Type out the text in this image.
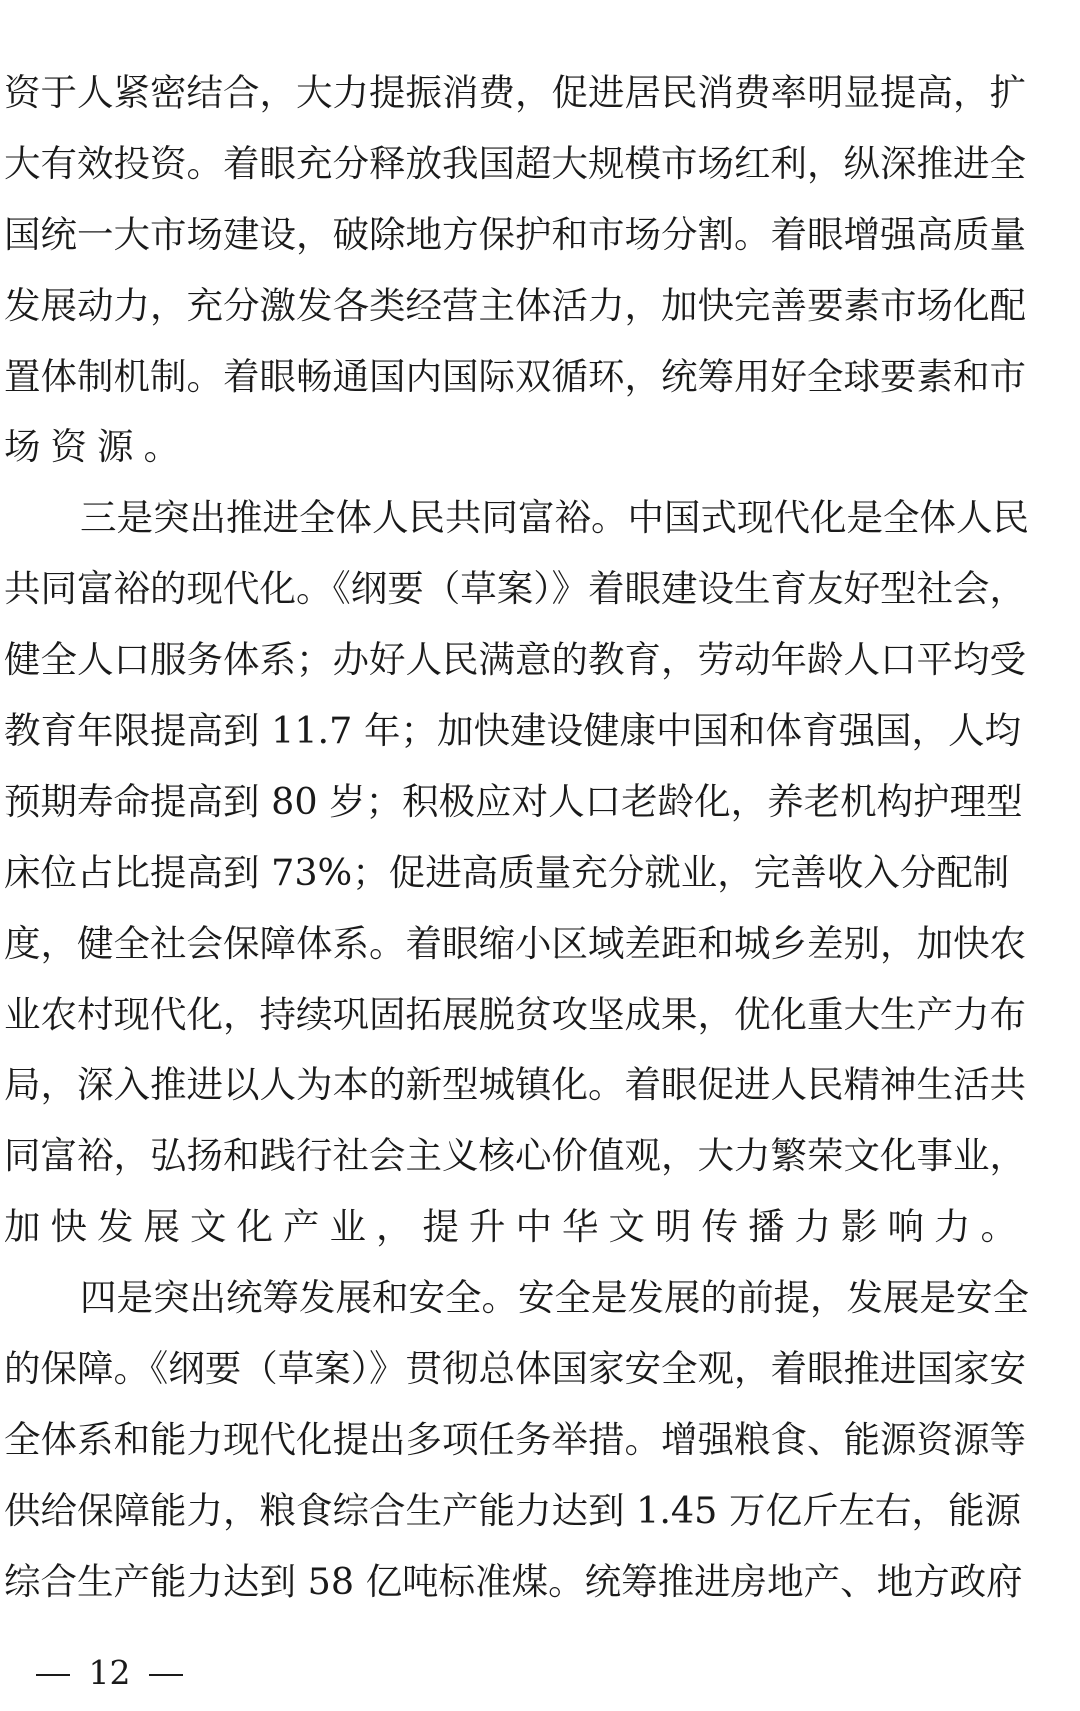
资于人紧密结合，大力提振消费，促进居民消费率明显提高，扩
大有效投资。着眼充分释放我国超大规模市场红利，纵深推进全
国统一大市场建设，破除地方保护和市场分割。着眼增强高质量
发展动力，充分激发各类经营主体活力，加快完善要素市场化配
置体制机制。着眼畅通国内国际双循环，统筹用好全球要素和市
场资源。
三是突出推进全体人民共同富裕。中国式现代化是全体人民
共同富裕的现代化。《纲要（草案）》着眼建设生育友好型社会，
健全人口服务体系；办好人民满意的教育，劳动年龄人口平均受
教育年限提高到 11.7 年；加快建设健康中国和体育强国，人均
预期寿命提高到 80 岁；积极应对人口老龄化，养老机构护理型
床位占比提高到 73%；促进高质量充分就业，完善收入分配制
度，健全社会保障体系。着眼缩小区域差距和城乡差别，加快农
业农村现代化，持续巩固拓展脱贫攻坚成果，优化重大生产力布
局，深入推进以人为本的新型城镇化。着眼促进人民精神生活共
同富裕，弘扬和践行社会主义核心价值观，大力繁荣文化事业，
加快发展文化产业，提升中华文明传播力影响力。
四是突出统筹发展和安全。安全是发展的前提，发展是安全
的保障。《纲要（草案）》贯彻总体国家安全观，着眼推进国家安
全体系和能力现代化提出多项任务举措。增强粮食、能源资源等
供给保障能力，粮食综合生产能力达到 1.45 万亿斤左右，能源
综合生产能力达到 58 亿吨标准煤。统筹推进房地产、地方政府
12
